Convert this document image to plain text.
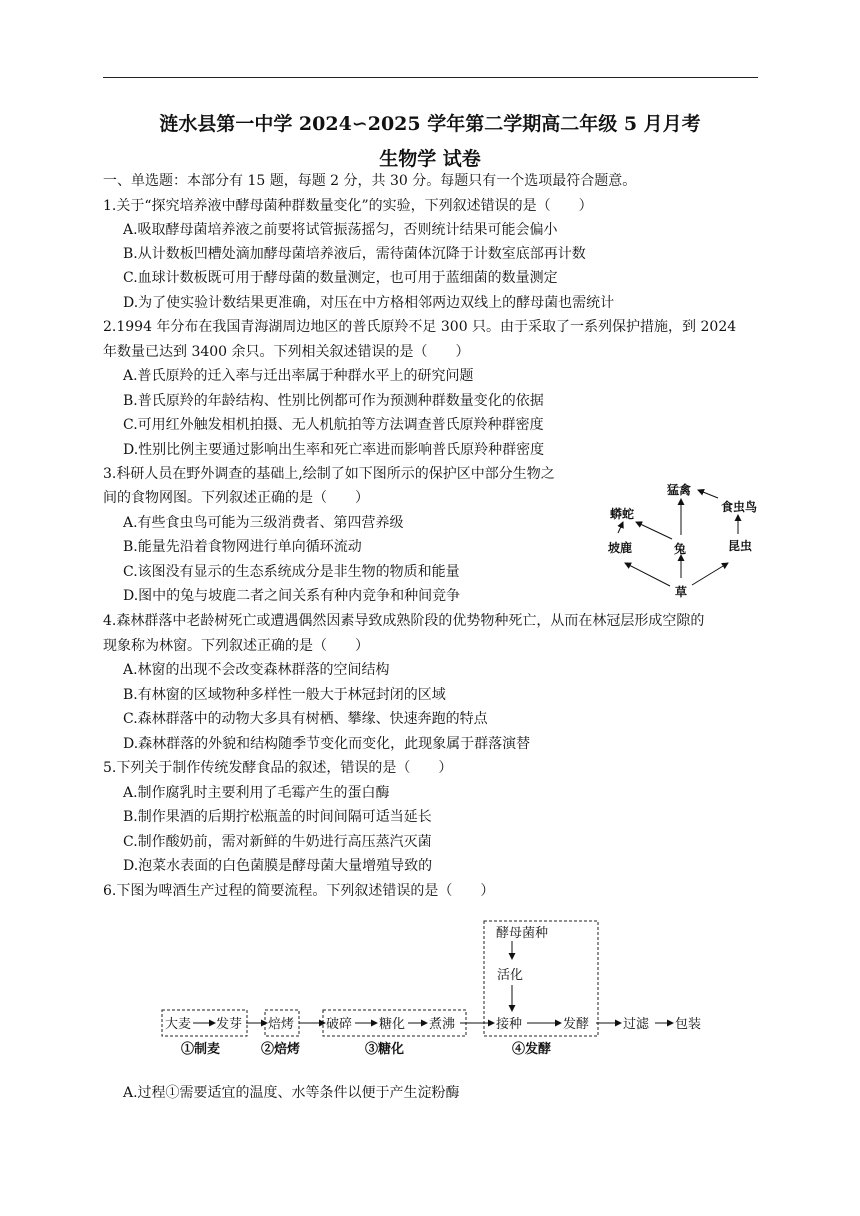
涟水县第一中学 2024∽2025 学年第二学期高二年级 5 月月考
生物学 试卷
一、单选题：本部分有 15 题，每题 2 分，共 30 分。每题只有一个选项最符合题意。
1.关于“探究培养液中酵母菌种群数量变化”的实验，下列叙述错误的是（　　）
A.吸取酵母菌培养液之前要将试管振荡摇匀，否则统计结果可能会偏小
B.从计数板凹槽处滴加酵母菌培养液后，需待菌体沉降于计数室底部再计数
C.血球计数板既可用于酵母菌的数量测定，也可用于蓝细菌的数量测定
D.为了使实验计数结果更准确，对压在中方格相邻两边双线上的酵母菌也需统计
2.1994 年分布在我国青海湖周边地区的普氏原羚不足 300 只。由于采取了一系列保护措施，到 2024
年数量已达到 3400 余只。下列相关叙述错误的是（　　）
A.普氏原羚的迁入率与迁出率属于种群水平上的研究问题
B.普氏原羚的年龄结构、性别比例都可作为预测种群数量变化的依据
C.可用红外触发相机拍摄、无人机航拍等方法调查普氏原羚种群密度
D.性别比例主要通过影响出生率和死亡率进而影响普氏原羚种群密度
3.科研人员在野外调查的基础上,绘制了如下图所示的保护区中部分生物之
间的食物网图。下列叙述正确的是（　　）
A.有些食虫鸟可能为三级消费者、第四营养级
B.能量先沿着食物网进行单向循环流动
C.该图没有显示的生态系统成分是非生物的物质和能量
D.图中的兔与坡鹿二者之间关系有种内竞争和种间竞争
猛禽
食虫鸟
蟒蛇
兔
坡鹿	昆虫
草
4.森林群落中老龄树死亡或遭遇偶然因素导致成熟阶段的优势物种死亡，从而在林冠层形成空隙的
现象称为林窗。下列叙述正确的是（　　）
A.林窗的出现不会改变森林群落的空间结构
B.有林窗的区域物种多样性一般大于林冠封闭的区域
C.森林群落中的动物大多具有树栖、攀缘、快速奔跑的特点
D.森林群落的外貌和结构随季节变化而变化，此现象属于群落演替
5.下列关于制作传统发酵食品的叙述，错误的是（　　）
A.制作腐乳时主要利用了毛霉产生的蛋白酶
B.制作果酒的后期拧松瓶盖的时间间隔可适当延长
C.制作酸奶前，需对新鲜的牛奶进行高压蒸汽灭菌
D.泡菜水表面的白色菌膜是酵母菌大量增殖导致的
6.下图为啤酒生产过程的简要流程。下列叙述错误的是（　　）
大麦 发芽 焙烤 破碎 糖化 煮沸
酵母菌种
活化
接种	发酵	过滤 包装
①制麦	②焙烤	③糖化	④发酵
A.过程①需要适宜的温度、水等条件以便于产生淀粉酶
